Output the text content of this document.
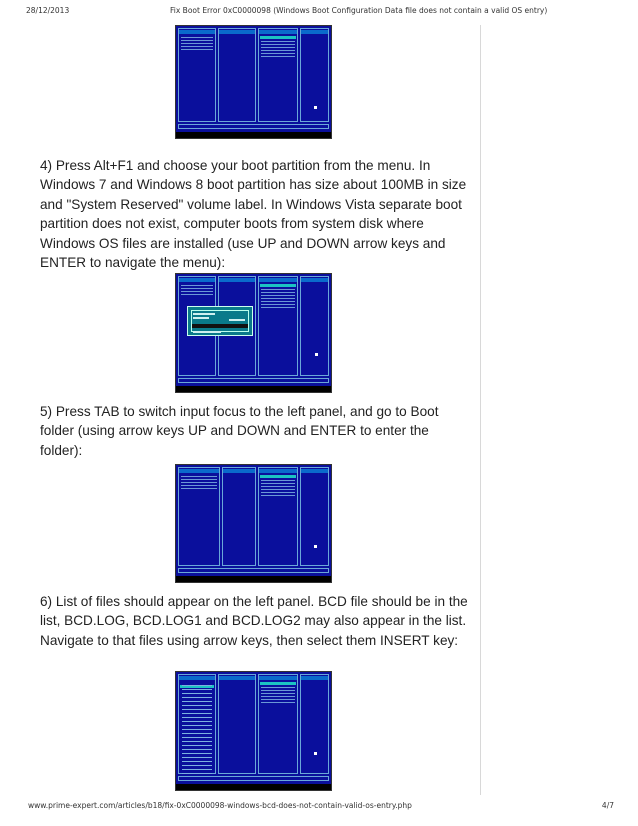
28/12/2013	Fix Boot Error 0xC0000098 (Windows Boot Configuration Data file does not contain a valid OS entry)

4) Press Alt+F1 and choose your boot partition from the menu. In Windows 7 and Windows 8 boot partition has size about 100MB in size and "System Reserved" volume label. In Windows Vista separate boot partition does not exist, computer boots from system disk where Windows OS files are installed (use UP and DOWN arrow keys and ENTER to navigate the menu):

5) Press TAB to switch input focus to the left panel, and go to Boot folder (using arrow keys UP and DOWN and ENTER to enter the folder):

6) List of files should appear on the left panel. BCD file should be in the list, BCD.LOG, BCD.LOG1 and BCD.LOG2 may also appear in the list. Navigate to that files using arrow keys, then select them INSERT key:

www.prime-expert.com/articles/b18/fix-0xC0000098-windows-bcd-does-not-contain-valid-os-entry.php	4/7
